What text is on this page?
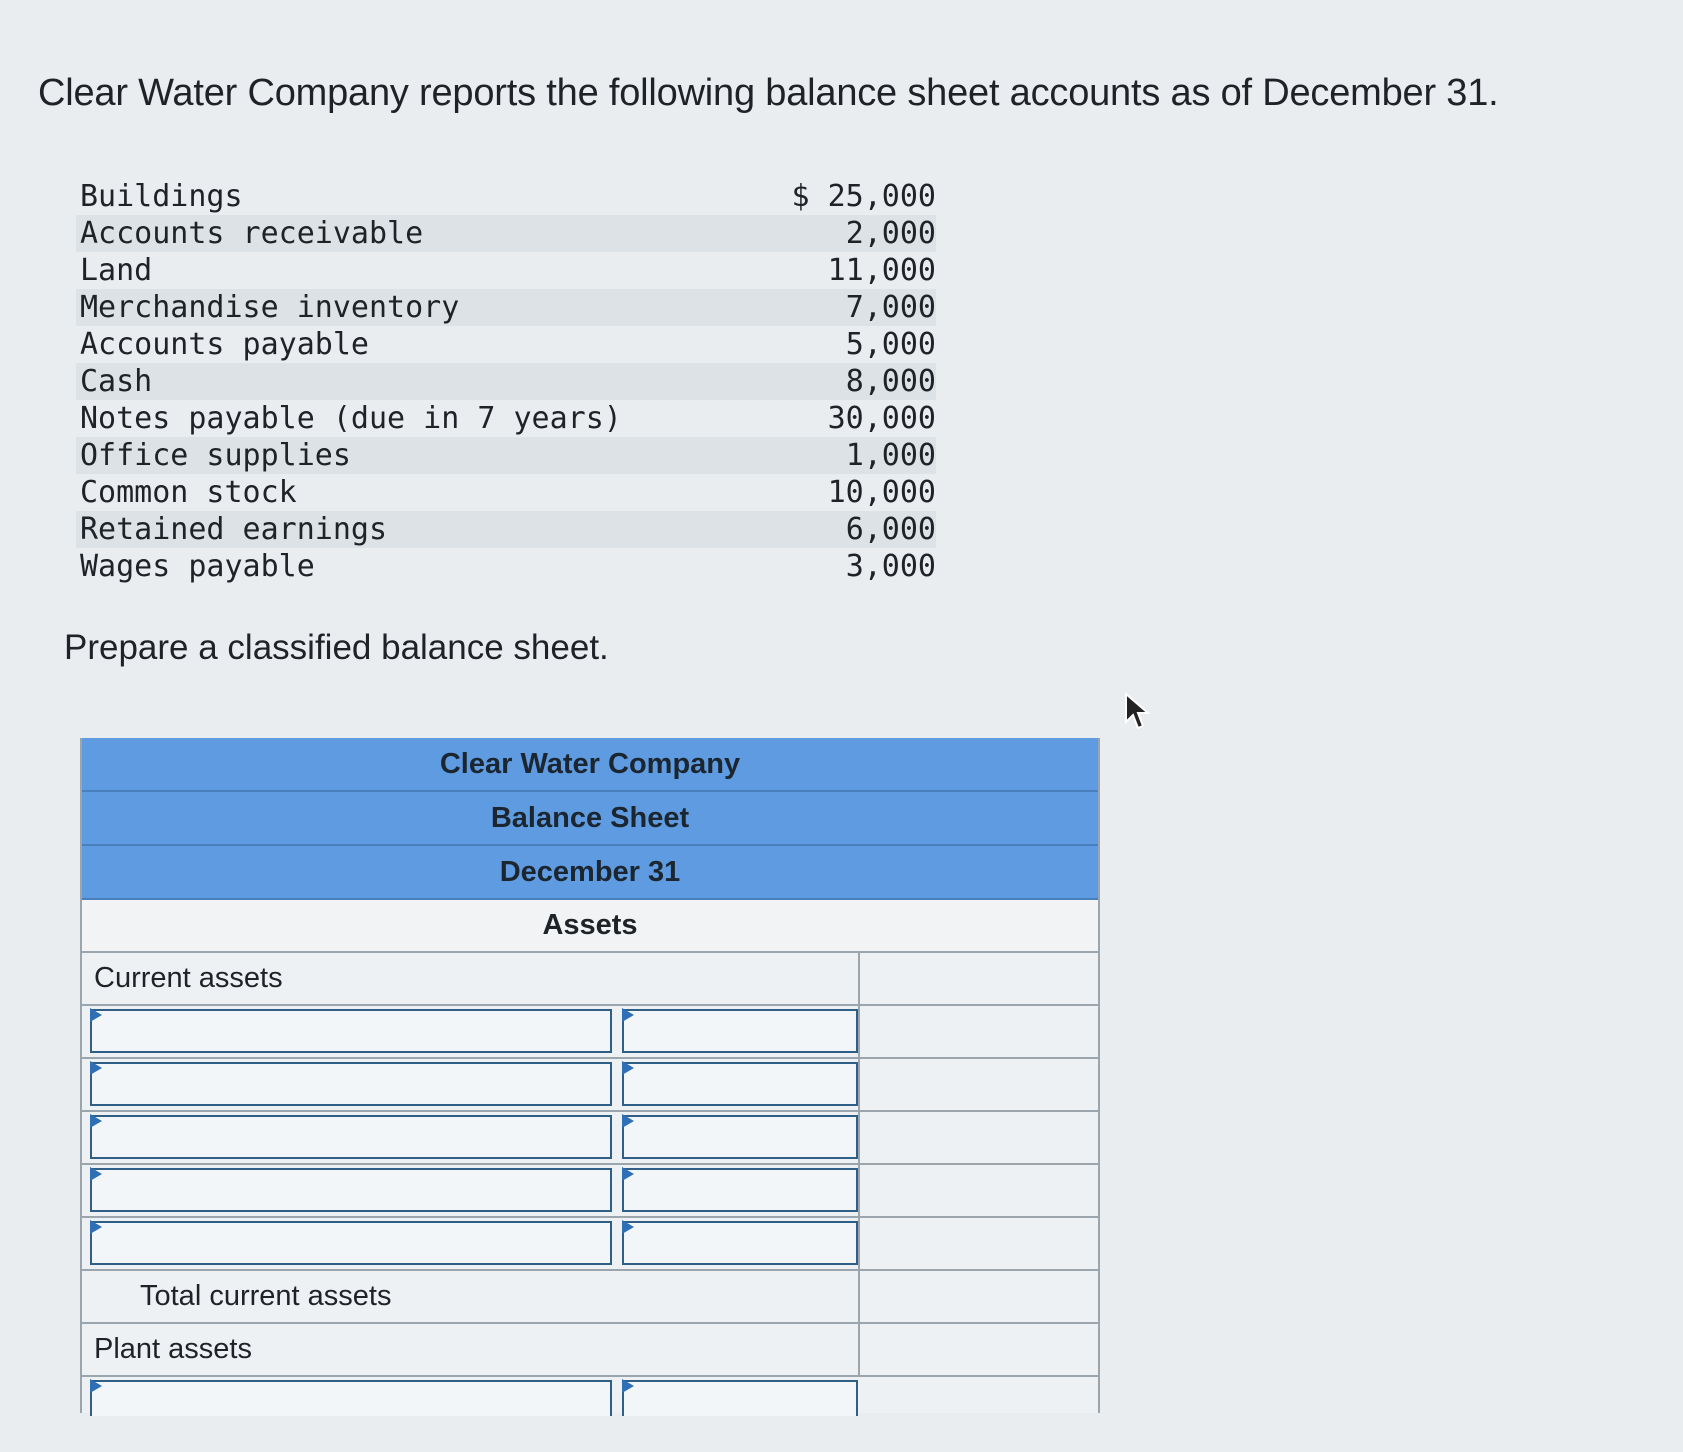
Clear Water Company reports the following balance sheet accounts as of December 31.
Buildings	$ 25,000
Accounts receivable	2,000
Land	11,000
Merchandise inventory	7,000
Accounts payable	5,000
Cash	8,000
Notes payable (due in 7 years)	30,000
Office supplies	1,000
Common stock	10,000
Retained earnings	6,000
Wages payable	3,000
Prepare a classified balance sheet.
Clear Water Company
Balance Sheet
December 31
Assets
Current assets
Total current assets
Plant assets
